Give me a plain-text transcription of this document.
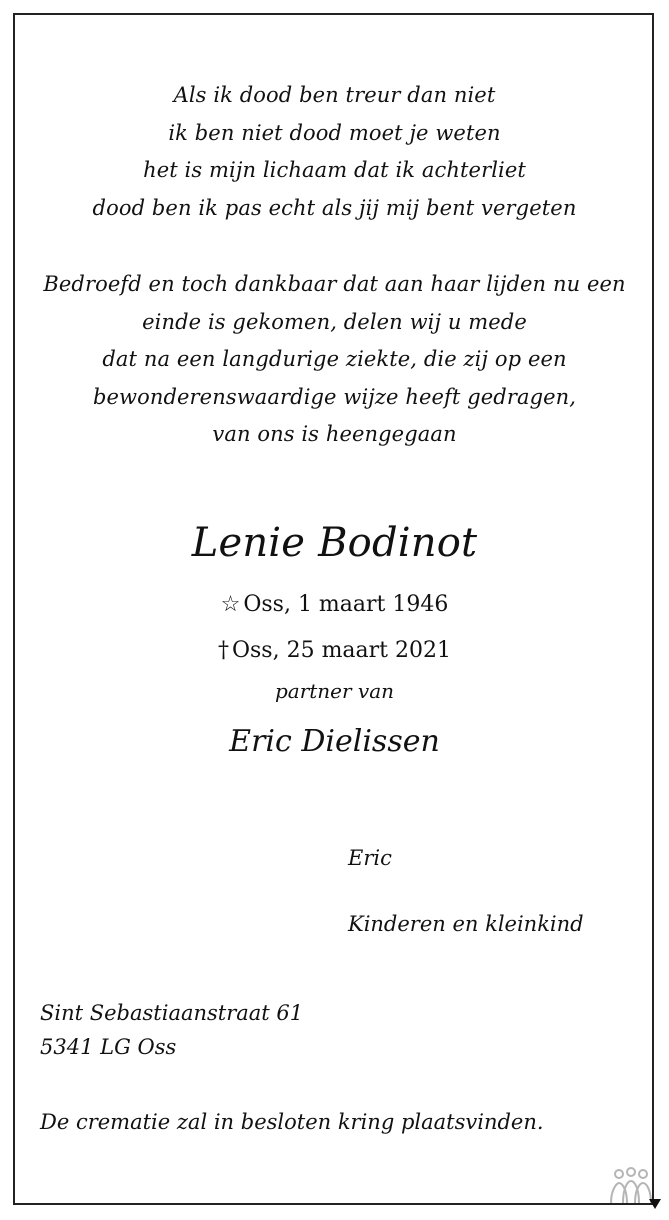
Als ik dood ben treur dan niet
ik ben niet dood moet je weten
het is mijn lichaam dat ik achterliet
dood ben ik pas echt als jij mij bent vergeten
Bedroefd en toch dankbaar dat aan haar lijden nu een
einde is gekomen, delen wij u mede
dat na een langdurige ziekte, die zij op een
bewonderenswaardige wijze heeft gedragen,
van ons is heengegaan
Lenie Bodinot
☆ Oss, 1 maart 1946
† Oss, 25 maart 2021
partner van
Eric Dielissen
Eric
Kinderen en kleinkind
Sint Sebastiaanstraat 61
5341 LG Oss
De crematie zal in besloten kring plaatsvinden.
